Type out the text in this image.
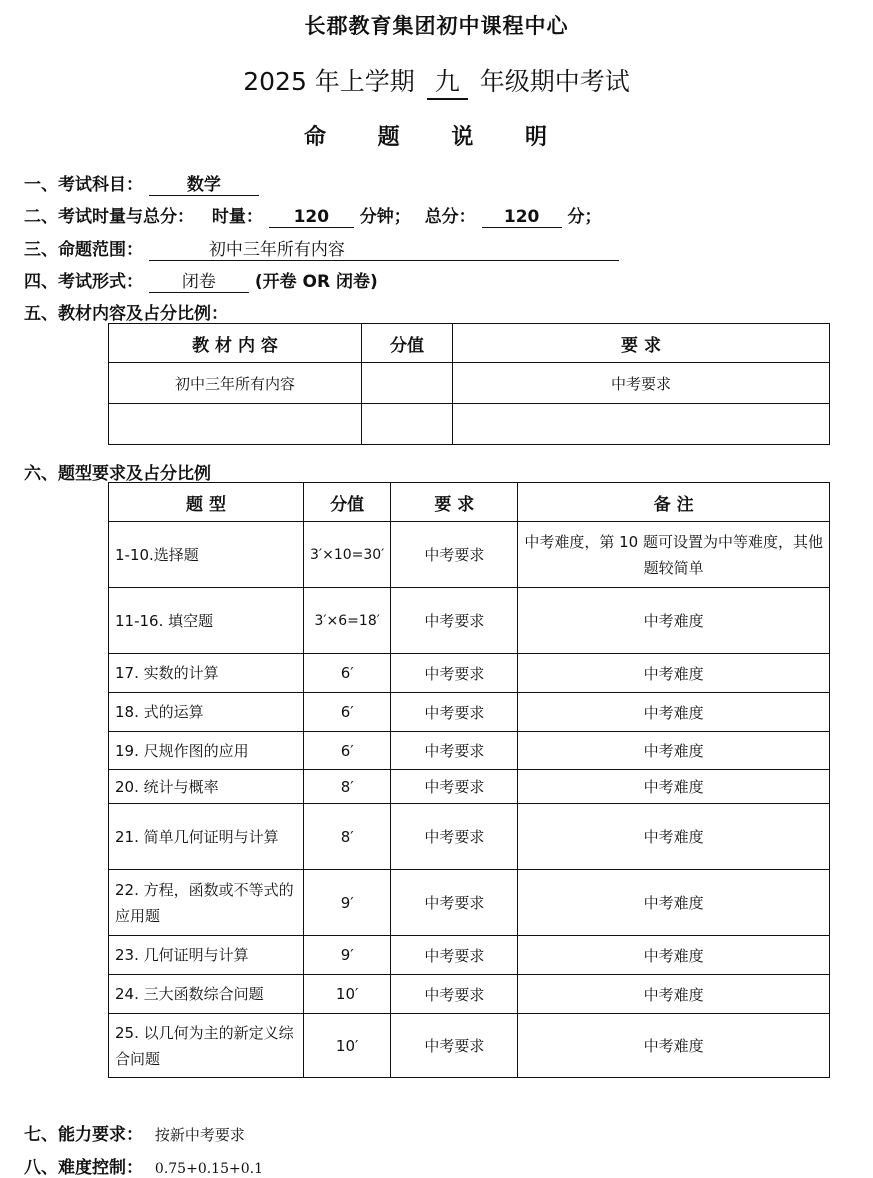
长郡教育集团初中课程中心
2025 年上学期 九 年级期中考试
命 题 说 明
一、考试科目：	数学
二、考试时量与总分： 时量： 120 分钟； 总分： 120 分；
三、命题范围：	初中三年所有内容
四、考试形式： 闭卷 (开卷 OR 闭卷)
五、教材内容及占分比例：
教 材 内 容	分值	要 求
初中三年所有内容		中考要求

六、题型要求及占分比例
题 型	分值	要 求	备 注
1-10.选择题	3′×10=30′	中考要求	中考难度，第 10 题可设置为中等难度，其他题较简单
11-16. 填空题	3′×6=18′	中考要求	中考难度
17. 实数的计算	6′	中考要求	中考难度
18. 式的运算	6′	中考要求	中考难度
19. 尺规作图的应用	6′	中考要求	中考难度
20. 统计与概率	8′	中考要求	中考难度
21. 简单几何证明与计算	8′	中考要求	中考难度
22. 方程，函数或不等式的应用题	9′	中考要求	中考难度
23. 几何证明与计算	9′	中考要求	中考难度
24. 三大函数综合问题	10′	中考要求	中考难度
25. 以几何为主的新定义综合问题	10′	中考要求	中考难度
七、能力要求： 按新中考要求
八、难度控制： 0.75+0.15+0.1
